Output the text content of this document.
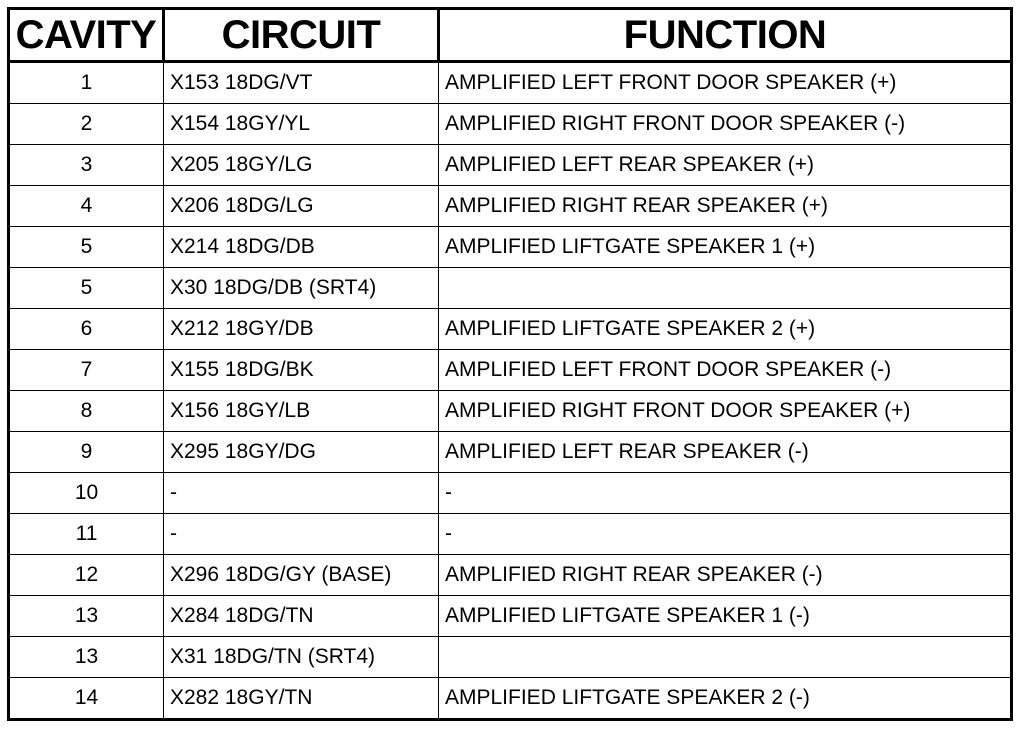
CAVITY	CIRCUIT	FUNCTION
1	X153 18DG/VT	AMPLIFIED LEFT FRONT DOOR SPEAKER (+)
2	X154 18GY/YL	AMPLIFIED RIGHT FRONT DOOR SPEAKER (-)
3	X205 18GY/LG	AMPLIFIED LEFT REAR SPEAKER (+)
4	X206 18DG/LG	AMPLIFIED RIGHT REAR SPEAKER (+)
5	X214 18DG/DB	AMPLIFIED LIFTGATE SPEAKER 1 (+)
5	X30 18DG/DB (SRT4)	
6	X212 18GY/DB	AMPLIFIED LIFTGATE SPEAKER 2 (+)
7	X155 18DG/BK	AMPLIFIED LEFT FRONT DOOR SPEAKER (-)
8	X156 18GY/LB	AMPLIFIED RIGHT FRONT DOOR SPEAKER (+)
9	X295 18GY/DG	AMPLIFIED LEFT REAR SPEAKER (-)
10	-	-
11	-	-
12	X296 18DG/GY (BASE)	AMPLIFIED RIGHT REAR SPEAKER (-)
13	X284 18DG/TN	AMPLIFIED LIFTGATE SPEAKER 1 (-)
13	X31 18DG/TN (SRT4)	
14	X282 18GY/TN	AMPLIFIED LIFTGATE SPEAKER 2 (-)
